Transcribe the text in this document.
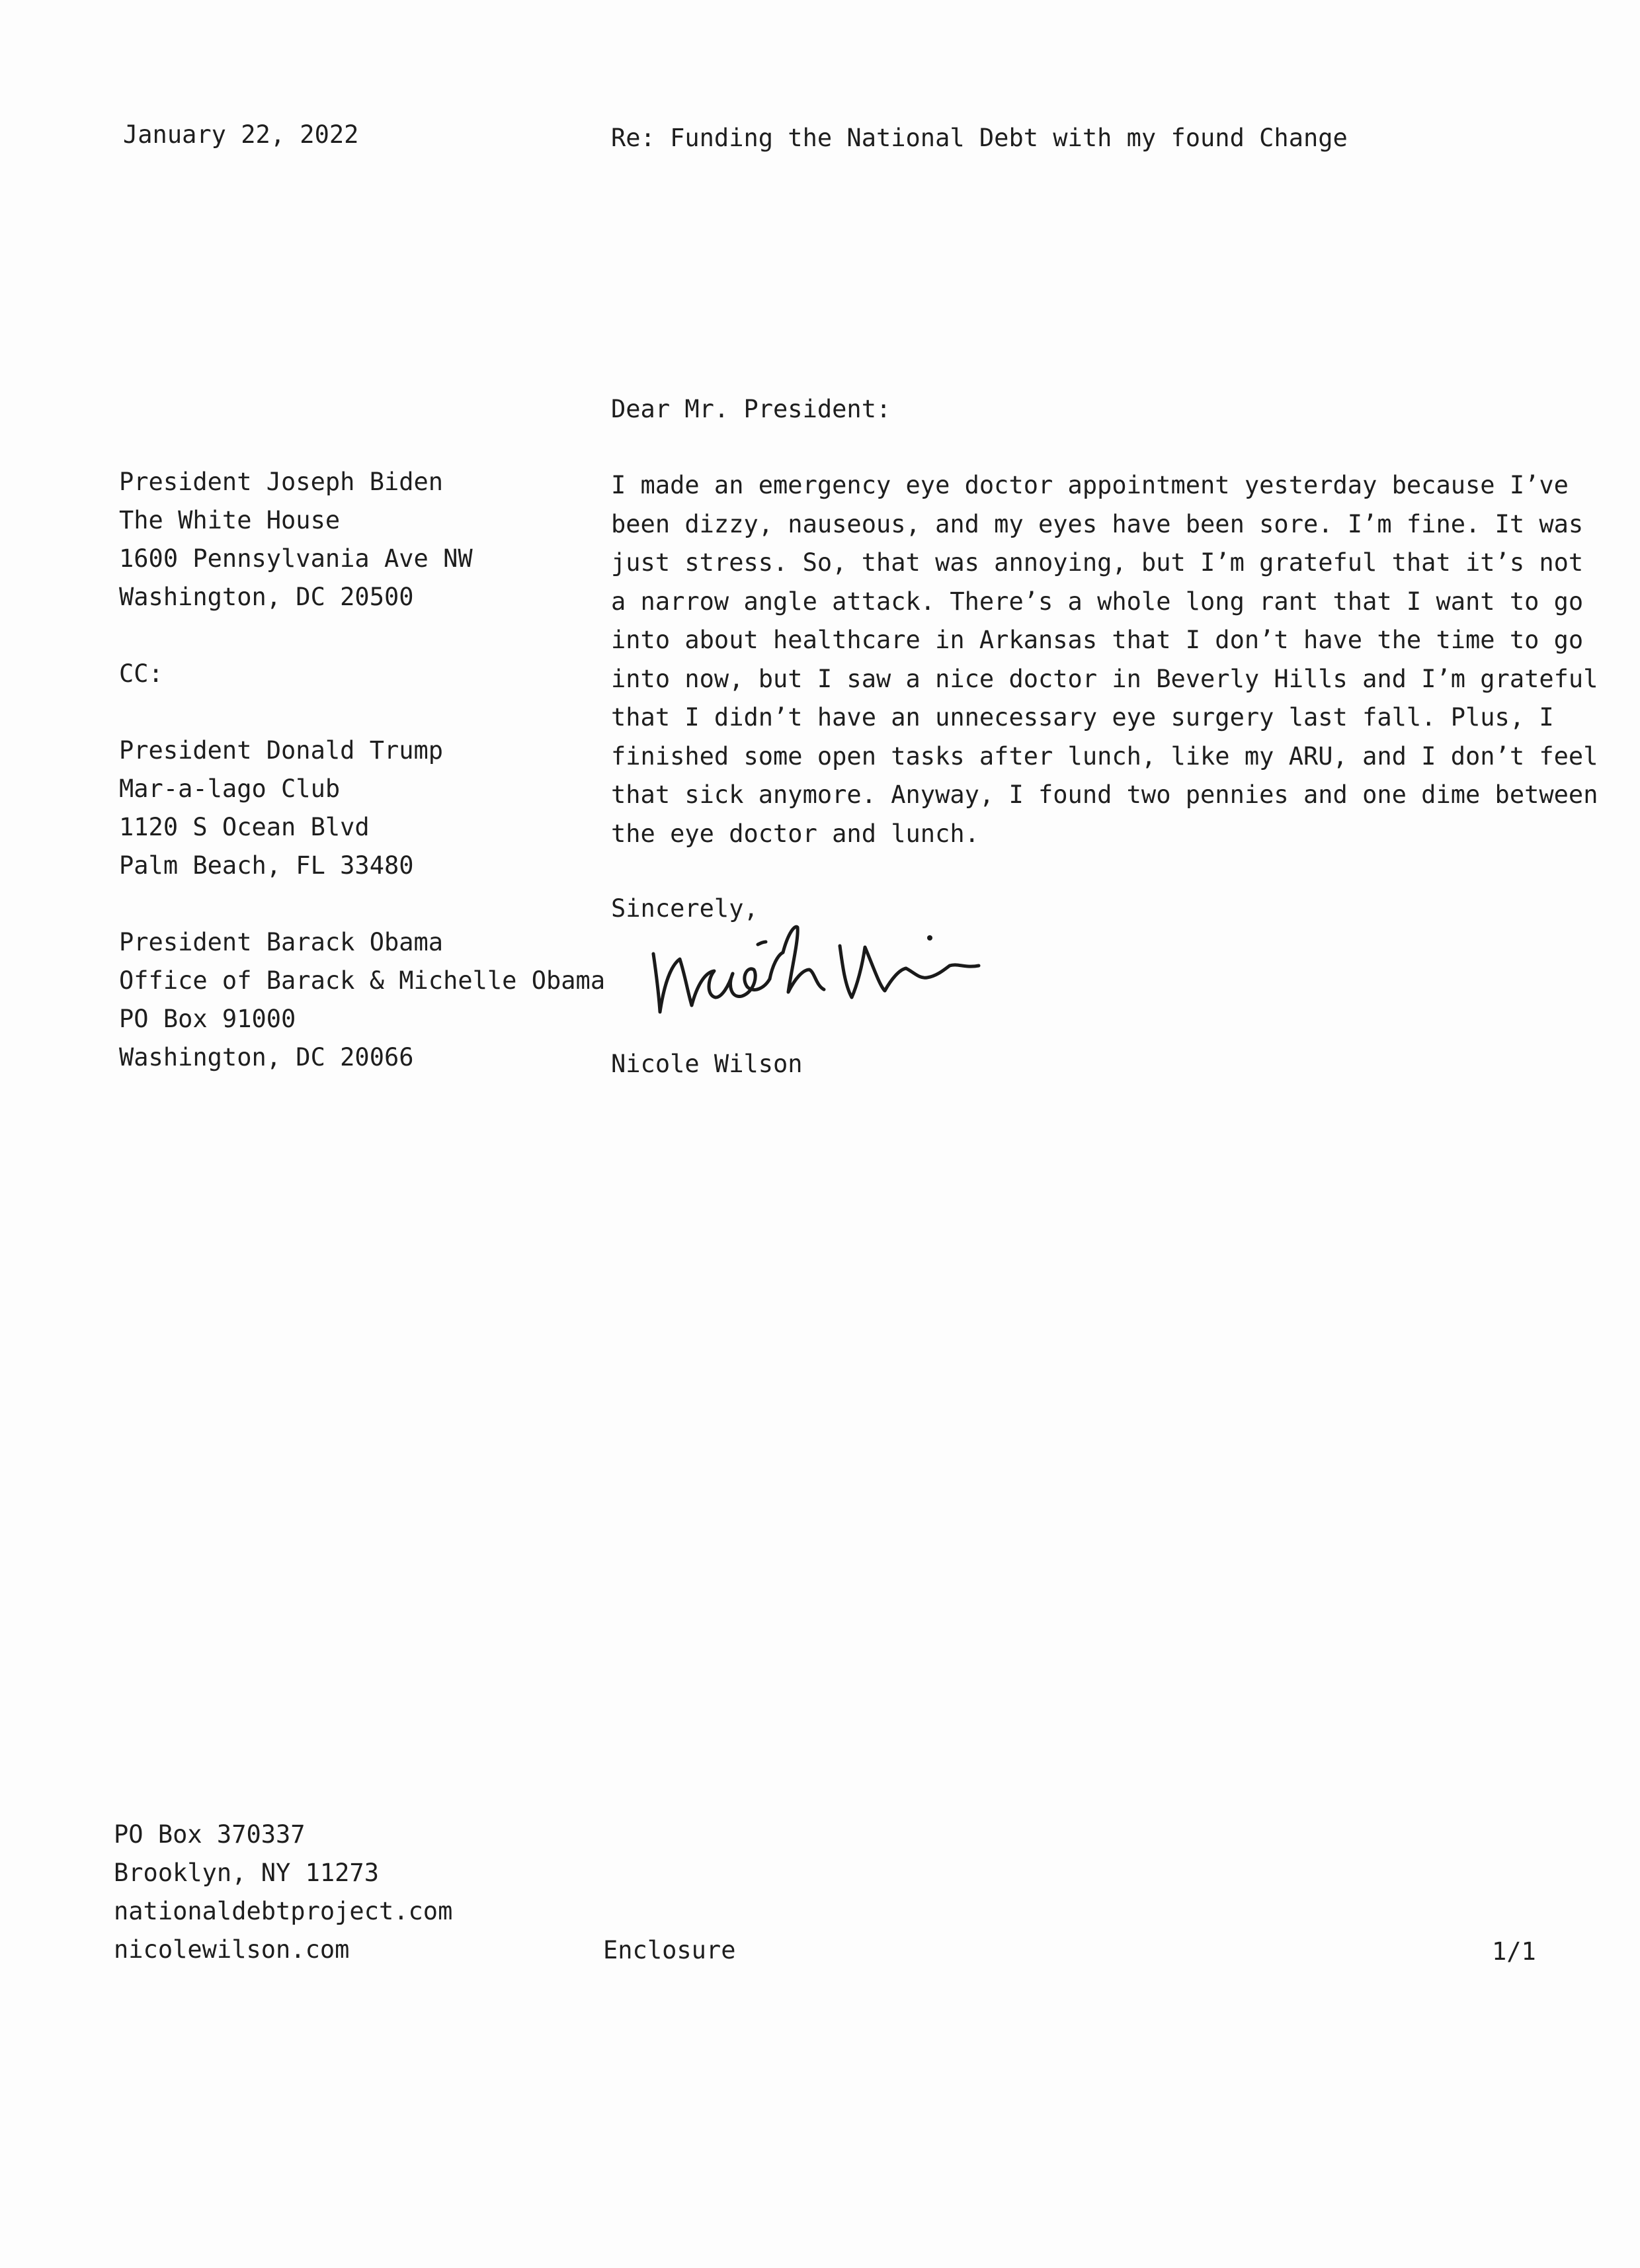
January 22, 2022	Re: Funding the National Debt with my found Change
Dear Mr. President:
President Joseph Biden
The White House
1600 Pennsylvania Ave NW
Washington, DC 20500
CC:
President Donald Trump
Mar-a-lago Club
1120 S Ocean Blvd
Palm Beach, FL 33480
President Barack Obama
Office of Barack & Michelle Obama
PO Box 91000
Washington, DC 20066
I made an emergency eye doctor appointment yesterday because I’ve
been dizzy, nauseous, and my eyes have been sore. I’m fine. It was
just stress. So, that was annoying, but I’m grateful that it’s not
a narrow angle attack. There’s a whole long rant that I want to go
into about healthcare in Arkansas that I don’t have the time to go
into now, but I saw a nice doctor in Beverly Hills and I’m grateful
that I didn’t have an unnecessary eye surgery last fall. Plus, I
finished some open tasks after lunch, like my ARU, and I don’t feel
that sick anymore. Anyway, I found two pennies and one dime between
the eye doctor and lunch.
Sincerely,
Nicole Wilson
PO Box 370337
Brooklyn, NY 11273
nationaldebtproject.com
nicolewilson.com	Enclosure	1/1
